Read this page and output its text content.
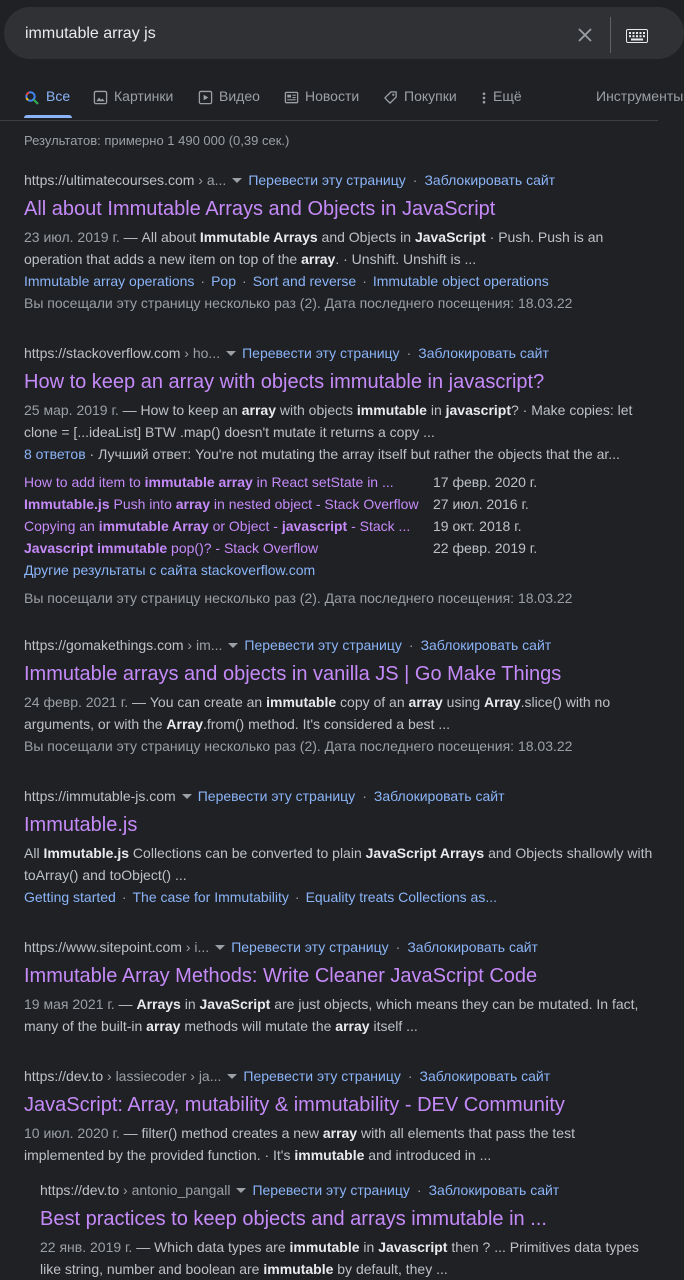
immutable array js
Все	Картинки	Видео	Новости	Покупки	Ещё	Инструменты
Результатов: примерно 1 490 000 (0,39 сек.)
https://ultimatecourses.com › a... Перевести эту страницу · Заблокировать сайт
All about Immutable Arrays and Objects in JavaScript
23 июл. 2019 г. — All about Immutable Arrays and Objects in JavaScript · Push. Push is an operation that adds a new item on top of the array. · Unshift. Unshift is ...
Immutable array operations · Pop · Sort and reverse · Immutable object operations
Вы посещали эту страницу несколько раз (2). Дата последнего посещения: 18.03.22
https://stackoverflow.com › ho... Перевести эту страницу · Заблокировать сайт
How to keep an array with objects immutable in javascript?
25 мар. 2019 г. — How to keep an array with objects immutable in javascript? · Make copies: let clone = [...ideaList] BTW .map() doesn't mutate it returns a copy ...
8 ответов · Лучший ответ: You're not mutating the array itself but rather the objects that the ar...
How to add item to immutable array in React setState in ...	17 февр. 2020 г.
Immutable.js Push into array in nested object - Stack Overflow 27 июл. 2016 г.
Copying an immutable Array or Object - javascript - Stack ... 19 окт. 2018 г.
Javascript immutable pop()? - Stack Overflow	22 февр. 2019 г.
Другие результаты с сайта stackoverflow.com
Вы посещали эту страницу несколько раз (2). Дата последнего посещения: 18.03.22
https://gomakethings.com › im... Перевести эту страницу · Заблокировать сайт
Immutable arrays and objects in vanilla JS | Go Make Things
24 февр. 2021 г. — You can create an immutable copy of an array using Array.slice() with no arguments, or with the Array.from() method. It's considered a best ...
Вы посещали эту страницу несколько раз (2). Дата последнего посещения: 18.03.22
https://immutable-js.com Перевести эту страницу · Заблокировать сайт
Immutable.js
All Immutable.js Collections can be converted to plain JavaScript Arrays and Objects shallowly with toArray() and toObject() ...
Getting started · The case for Immutability · Equality treats Collections as...
https://www.sitepoint.com › i... Перевести эту страницу · Заблокировать сайт
Immutable Array Methods: Write Cleaner JavaScript Code
19 мая 2021 г. — Arrays in JavaScript are just objects, which means they can be mutated. In fact, many of the built-in array methods will mutate the array itself ...
https://dev.to › lassiecoder › ja... Перевести эту страницу · Заблокировать сайт
JavaScript: Array, mutability & immutability - DEV Community
10 июл. 2020 г. — filter() method creates a new array with all elements that pass the test implemented by the provided function. · It's immutable and introduced in ...
https://dev.to › antonio_pangall Перевести эту страницу · Заблокировать сайт
Best practices to keep objects and arrays immutable in ...
22 янв. 2019 г. — Which data types are immutable in Javascript then ? ... Primitives data types like string, number and boolean are immutable by default, they ...
